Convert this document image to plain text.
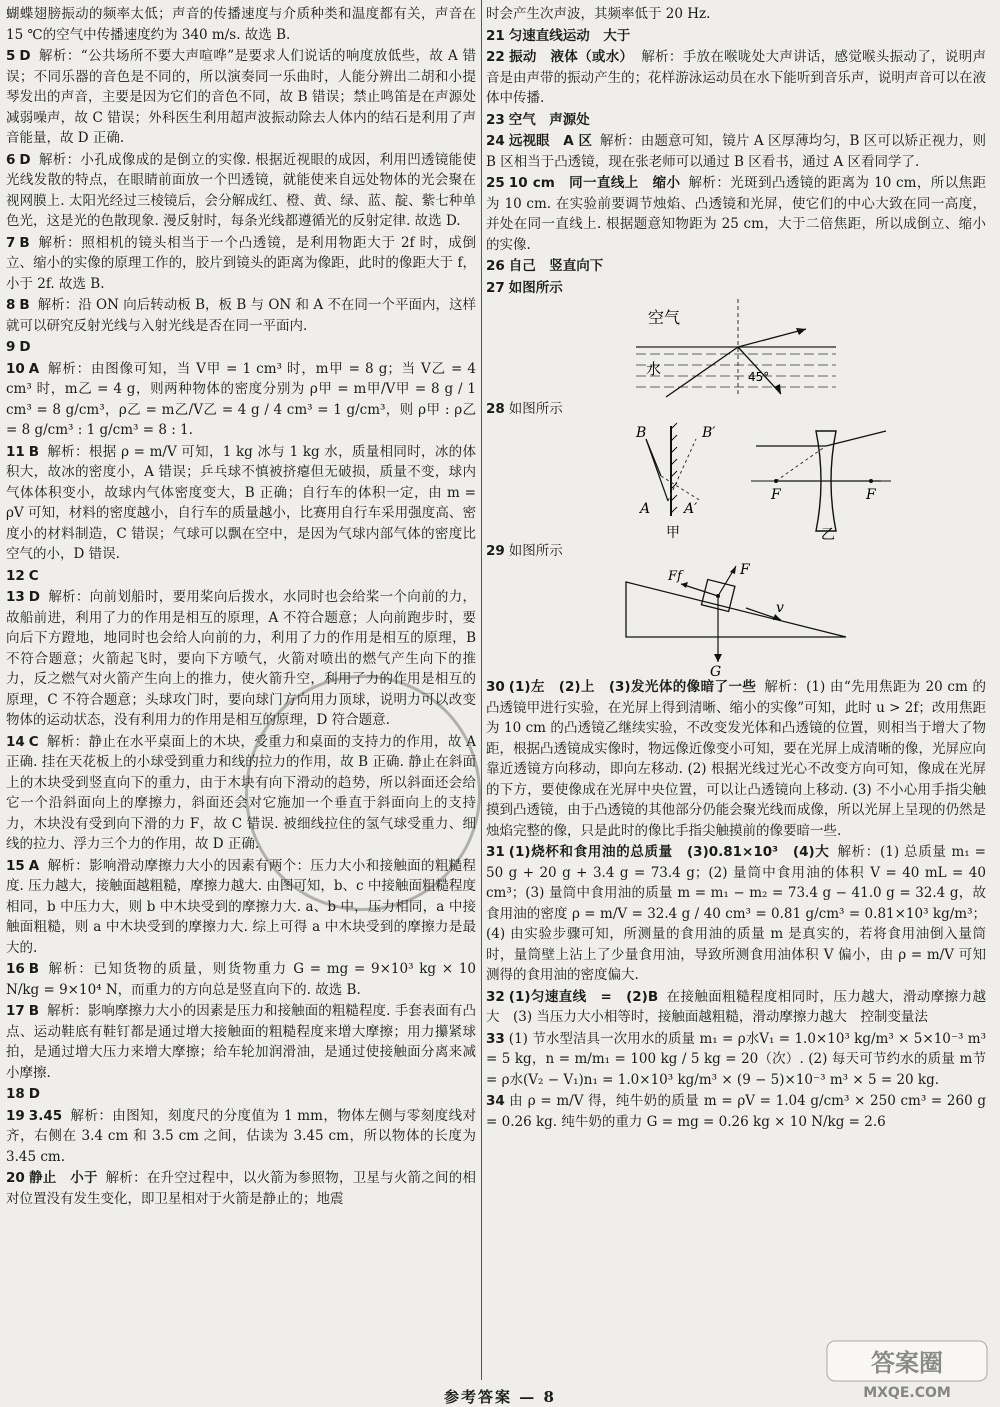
蝴蝶翅膀振动的频率太低；声音的传播速度与介质种类和温度都有关，声音在 15 ℃的空气中传播速度约为 340 m/s. 故选 B.
5 D 解析：“公共场所不要大声喧哗”是要求人们说话的响度放低些，故 A 错误；不同乐器的音色是不同的，所以演奏同一乐曲时，人能分辨出二胡和小提琴发出的声音，主要是因为它们的音色不同，故 B 错误；禁止鸣笛是在声源处减弱噪声，故 C 错误；外科医生利用超声波振动除去人体内的结石是利用了声音能量，故 D 正确.
6 D 解析：小孔成像成的是倒立的实像. 根据近视眼的成因，利用凹透镜能使光线发散的特点，在眼睛前面放一个凹透镜，就能使来自远处物体的光会聚在视网膜上. 太阳光经过三棱镜后，会分解成红、橙、黄、绿、蓝、靛、紫七种单色光，这是光的色散现象. 漫反射时，每条光线都遵循光的反射定律. 故选 D.
7 B 解析：照相机的镜头相当于一个凸透镜，是利用物距大于 2f 时，成倒立、缩小的实像的原理工作的，胶片到镜头的距离为像距，此时的像距大于 f，小于 2f. 故选 B.
8 B 解析：沿 ON 向后转动板 B，板 B 与 ON 和 A 不在同一个平面内，这样就可以研究反射光线与入射光线是否在同一平面内.
9 D
10 A 解析：由图像可知，当 V甲 = 1 cm³ 时，m甲 = 8 g；当 V乙 = 4 cm³ 时，m乙 = 4 g，则两种物体的密度分别为 ρ甲 = m甲/V甲 = 8 g / 1 cm³ = 8 g/cm³，ρ乙 = m乙/V乙 = 4 g / 4 cm³ = 1 g/cm³，则 ρ甲 : ρ乙 = 8 g/cm³ : 1 g/cm³ = 8 : 1.
11 B 解析：根据 ρ = m/V 可知，1 kg 冰与 1 kg 水，质量相同时，冰的体积大，故冰的密度小，A 错误；乒乓球不慎被挤瘪但无破损，质量不变，球内气体体积变小，故球内气体密度变大，B 正确；自行车的体积一定，由 m = ρV 可知，材料的密度越小，自行车的质量越小，比赛用自行车采用强度高、密度小的材料制造，C 错误；气球可以飘在空中，是因为气球内部气体的密度比空气的小，D 错误.
12 C
13 D 解析：向前划船时，要用桨向后拨水，水同时也会给桨一个向前的力，故船前进，利用了力的作用是相互的原理，A 不符合题意；人向前跑步时，要向后下方蹬地，地同时也会给人向前的力，利用了力的作用是相互的原理，B 不符合题意；火箭起飞时，要向下方喷气，火箭对喷出的燃气产生向下的推力，反之燃气对火箭产生向上的推力，使火箭升空，利用了力的作用是相互的原理，C 不符合题意；头球攻门时，要向球门方向用力顶球，说明力可以改变物体的运动状态，没有利用力的作用是相互的原理，D 符合题意.
14 C 解析：静止在水平桌面上的木块，受重力和桌面的支持力的作用，故 A 正确. 挂在天花板上的小球受到重力和线的拉力的作用，故 B 正确. 静止在斜面上的木块受到竖直向下的重力，由于木块有向下滑动的趋势，所以斜面还会给它一个沿斜面向上的摩擦力，斜面还会对它施加一个垂直于斜面向上的支持力，木块没有受到向下滑的力 F，故 C 错误. 被细线拉住的氢气球受重力、细线的拉力、浮力三个力的作用，故 D 正确.
15 A 解析：影响滑动摩擦力大小的因素有两个：压力大小和接触面的粗糙程度. 压力越大，接触面越粗糙，摩擦力越大. 由图可知，b、c 中接触面粗糙程度相同，b 中压力大，则 b 中木块受到的摩擦力大. a、b 中，压力相同，a 中接触面粗糙，则 a 中木块受到的摩擦力大. 综上可得 a 中木块受到的摩擦力是最大的.
16 B 解析：已知货物的质量，则货物重力 G = mg = 9×10³ kg × 10 N/kg = 9×10⁴ N，而重力的方向总是竖直向下的. 故选 B.
17 B 解析：影响摩擦力大小的因素是压力和接触面的粗糙程度. 手套表面有凸点、运动鞋底有鞋钉都是通过增大接触面的粗糙程度来增大摩擦；用力攥紧球拍，是通过增大压力来增大摩擦；给车轮加润滑油，是通过使接触面分离来减小摩擦.
18 D
19 3.45 解析：由图知，刻度尺的分度值为 1 mm，物体左侧与零刻度线对齐，右侧在 3.4 cm 和 3.5 cm 之间，估读为 3.45 cm，所以物体的长度为 3.45 cm.
20 静止　小于 解析：在升空过程中，以火箭为参照物，卫星与火箭之间的相对位置没有发生变化，即卫星相对于火箭是静止的；地震
时会产生次声波，其频率低于 20 Hz.
21 匀速直线运动　大于
22 振动　液体（或水） 解析：手放在喉咙处大声讲话，感觉喉头振动了，说明声音是由声带的振动产生的；花样游泳运动员在水下能听到音乐声，说明声音可以在液体中传播.
23 空气　声源处
24 远视眼　A 区 解析：由题意可知，镜片 A 区厚薄均匀，B 区可以矫正视力，则 B 区相当于凸透镜，现在张老师可以通过 B 区看书，通过 A 区看同学了.
25 10 cm　同一直线上　缩小 解析：光斑到凸透镜的距离为 10 cm，所以焦距为 10 cm. 在实验前要调节烛焰、凸透镜和光屏，使它们的中心大致在同一高度，并处在同一直线上. 根据题意知物距为 25 cm，大于二倍焦距，所以成倒立、缩小的实像.
26 自己　竖直向下
27 如图所示
空气
水	45°
28 如图所示
B	B′
A A′
甲
F	F
乙
29 如图所示
F
Ff
v
G
30 (1)左　(2)上　(3)发光体的像暗了一些 解析：(1) 由“先用焦距为 20 cm 的凸透镜甲进行实验，在光屏上得到清晰、缩小的实像”可知，此时 u > 2f；改用焦距为 10 cm 的凸透镜乙继续实验，不改变发光体和凸透镜的位置，则相当于增大了物距，根据凸透镜成实像时，物远像近像变小可知，要在光屏上成清晰的像，光屏应向靠近透镜方向移动，即向左移动. (2) 根据光线过光心不改变方向可知，像成在光屏的下方，要使像成在光屏中央位置，可以让凸透镜向上移动. (3) 不小心用手指尖触摸到凸透镜，由于凸透镜的其他部分仍能会聚光线而成像，所以光屏上呈现的仍然是烛焰完整的像，只是此时的像比手指尖触摸前的像要暗一些.
31 (1)烧杯和食用油的总质量　(3)0.81×10³　(4)大 解析：(1) 总质量 m₁ = 50 g + 20 g + 3.4 g = 73.4 g；(2) 量筒中食用油的体积 V = 40 mL = 40 cm³；(3) 量筒中食用油的质量 m = m₁ − m₂ = 73.4 g − 41.0 g = 32.4 g，故食用油的密度 ρ = m/V = 32.4 g / 40 cm³ = 0.81 g/cm³ = 0.81×10³ kg/m³；(4) 由实验步骤可知，所测量的食用油的质量 m 是真实的，若将食用油倒入量筒时，量筒壁上沾上了少量食用油，导致所测食用油体积 V 偏小，由 ρ = m/V 可知测得的食用油的密度偏大.
32 (1)匀速直线　=　(2)B 在接触面粗糙程度相同时，压力越大，滑动摩擦力越大　(3) 当压力大小相等时，接触面越粗糙，滑动摩擦力越大　控制变量法
33 (1) 节水型洁具一次用水的质量 m₁ = ρ水V₁ = 1.0×10³ kg/m³ × 5×10⁻³ m³ = 5 kg，n = m/m₁ = 100 kg / 5 kg = 20（次）. (2) 每天可节约水的质量 m节 = ρ水(V₂ − V₁)n₁ = 1.0×10³ kg/m³ × (9 − 5)×10⁻³ m³ × 5 = 20 kg.
34 由 ρ = m/V 得，纯牛奶的质量 m = ρV = 1.04 g/cm³ × 250 cm³ = 260 g = 0.26 kg. 纯牛奶的重力 G = mg = 0.26 kg × 10 N/kg = 2.6
答案圈
MXQE.COM
参考答案 — 8
